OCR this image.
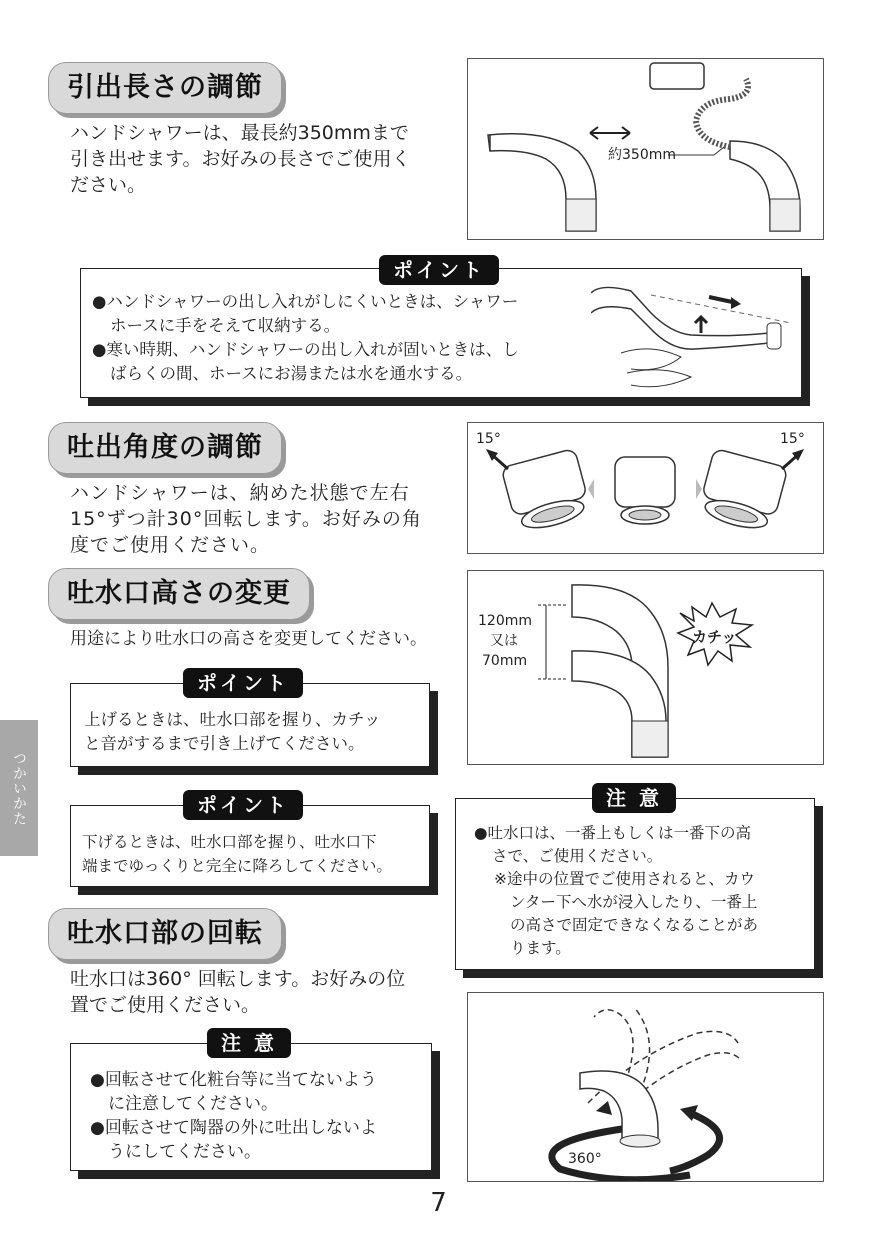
引出長さの調節
ハンドシャワーは、最長約350mmまで
引き出せます。お好みの長さでご使用く
ださい。
約350mm
ポイント
●ハンドシャワーの出し入れがしにくいときは、シャワー
ホースに手をそえて収納する。
●寒い時期、ハンドシャワーの出し入れが固いときは、し
ばらくの間、ホースにお湯または水を通水する。
吐出角度の調節
ハンドシャワーは、納めた状態で左右
15°ずつ計30°回転します。お好みの角
度でご使用ください。
15°	15°
吐水口高さの変更
用途により吐水口の高さを変更してください。
120mm
又は
70mm
カチッ
ポイント
上げるときは、吐水口部を握り、カチッ
と音がするまで引き上げてください。
ポイント
下げるときは、吐水口部を握り、吐水口下
端までゆっくりと完全に降ろしてください。
注 意
●吐水口は、一番上もしくは一番下の高
さで、ご使用ください。
※途中の位置でご使用されると、カウ
ンター下へ水が浸入したり、一番上
の高さで固定できなくなることがあ
ります。
吐水口部の回転
吐水口は360° 回転します。お好みの位
置でご使用ください。
360°
注 意
●回転させて化粧台等に当てないよう
に注意してください。
●回転させて陶器の外に吐出しないよ
うにしてください。
つかいかた
7
